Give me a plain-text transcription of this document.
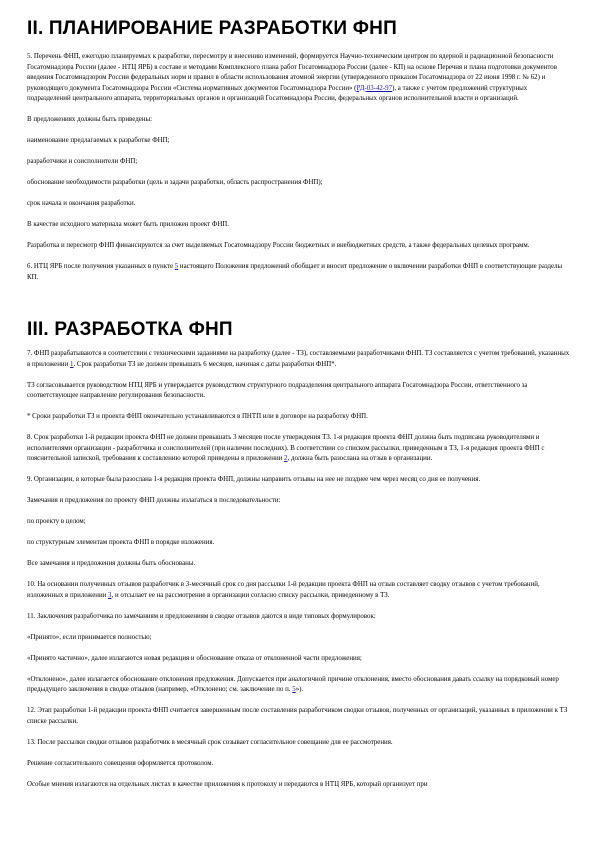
II. ПЛАНИРОВАНИЕ РАЗРАБОТКИ ФНП

5. Перечень ФНП, ежегодно планируемых к разработке, пересмотру и внесению изменений, формируется Научно-техническим центром по ядерной и радиационной безопасности Госатомнадзора России (далее - НТЦ ЯРБ) в составе и методами Комплексного плана работ Госатомнадзора России (далее - КП) на основе Перечня и плана подготовки документов введения Госатомнадзором России федеральных норм и правил в области использования атомной энергии (утвержденного приказом Госатомнадзора от 22 июня 1998 г. № 62) и руководящего документа Госатомнадзора России «Система нормативных документов Госатомнадзора России» (РД-03-42-97), а также с учетом предложений структурных подразделений центрального аппарата, территориальных органов и организаций Госатомнадзора России, федеральных органов исполнительной власти и организаций.

В предложениях должны быть приведены:

наименование предлагаемых к разработке ФНП;

разработчики и соисполнители ФНП;

обоснование необходимости разработки (цель и задачи разработки, область распространения ФНП);

срок начала и окончания разработки.

В качестве исходного материала может быть приложен проект ФНП.

Разработка и пересмотр ФНП финансируются за счет выделяемых Госатомнадзору России бюджетных и внебюджетных средств, а также федеральных целевых программ.

6. НТЦ ЯРБ после получения указанных в пункте 5 настоящего Положения предложений обобщает и вносит предложение о включении разработки ФНП в соответствующие разделы КП.

III. РАЗРАБОТКА ФНП

7. ФНП разрабатываются в соответствии с техническими заданиями на разработку (далее - ТЗ), составляемыми разработчиками ФНП. ТЗ составляется с учетом требований, указанных в приложении 1. Срок разработки ТЗ не должен превышать 6 месяцев, начиная с даты разработки ФНП*.

ТЗ согласовывается руководством НТЦ ЯРБ и утверждается руководством структурного подразделения центрального аппарата Госатомнадзора России, ответственного за соответствующее направление регулирования безопасности.

* Сроки разработки ТЗ и проекта ФНП окончательно устанавливаются в ПНТП или в договоре на разработку ФНП.

8. Срок разработки 1-й редакции проекта ФНП не должен превышать 3 месяцев после утверждения ТЗ. 1-я редакция проекта ФНП должна быть подписана руководителями и исполнителями организации - разработчика и соисполнителей (при наличии последних). В соответствии со списком рассылки, приведенным в ТЗ, 1-я редакция проекта ФНП с пояснительной запиской, требования к составлению которой приведены в приложении 2, должна быть разослана на отзыв в организации.

9. Организации, в которые была разослана 1-я редакция проекта ФНП, должны направить отзывы на нее не позднее чем через месяц со дня ее получения.

Замечания и предложения по проекту ФНП должны излагаться в последовательности:

по проекту в целом;

по структурным элементам проекта ФНП в порядке изложения.

Все замечания и предложения должны быть обоснованы.

10. На основании полученных отзывов разработчик в 3-месячный срок со дня рассылки 1-й редакции проекта ФНП на отзыв составляет сводку отзывов с учетом требований, изложенных в приложении 3, и отсылает ее на рассмотрение в организации согласно списку рассылки, приведенному в ТЗ.

11. Заключения разработчика по замечаниям и предложениям в сводке отзывов даются в виде типовых формулировок:

«Принято», если принимается полностью;

«Принято частично», далее излагаются новая редакция и обоснование отказа от отклоненной части предложения;

«Отклонено», далее излагается обоснование отклонения предложения. Допускается при аналогичной причине отклонения, вместо обоснования давать ссылку на порядковый номер предыдущего заключения в сводке отзывов (например, «Отклонено; см. заключение по п. 5»).

12. Этап разработки 1-й редакции проекта ФНП считается завершенным после составления разработчиком сводки отзывов, полученных от организаций, указанных в приложении к ТЗ списке рассылки.

13. После рассылки сводки отзывов разработчик в месячный срок созывает согласительное совещание для ее рассмотрения.

Решение согласительного совещения оформляется протоколом.

Особые мнения излагаются на отдельных листах в качестве приложения к протоколу и передаются в НТЦ ЯРБ, который организует при
